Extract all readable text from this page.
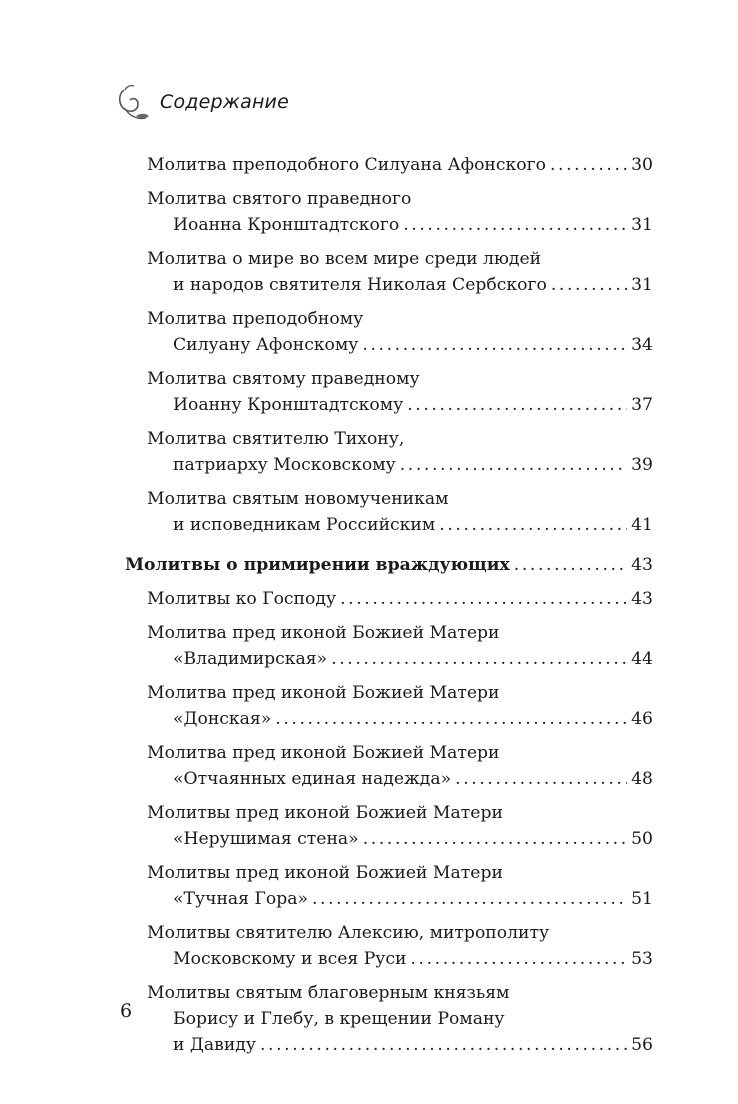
Содержание
Молитва преподобного Силуана Афонского .....	30
Молитва святого праведного
Иоанна Кронштадтского .....	31
Молитва о мире во всем мире среди людей
и народов святителя Николая Сербского .....	31
Молитва преподобному
Силуану Афонскому .....	34
Молитва святому праведному
Иоанну Кронштадтскому .....	37
Молитва святителю Тихону,
патриарху Московскому .....	39
Молитва святым новомученикам
и исповедникам Российским .....	41
Молитвы о примирении враждующих .....	43
Молитвы ко Господу .....	43
Молитва пред иконой Божией Матери
«Владимирская» .....	44
Молитва пред иконой Божией Матери
«Донская» .....	46
Молитва пред иконой Божией Матери
«Отчаянных единая надежда» .....	48
Молитвы пред иконой Божией Матери
«Нерушимая стена» .....	50
Молитвы пред иконой Божией Матери
«Тучная Гора» .....	51
Молитвы святителю Алексию, митрополиту
Московскому и всея Руси .....	53
Молитвы святым благоверным князьям
Борису и Глебу, в крещении Роману
и Давиду .....	56
6
